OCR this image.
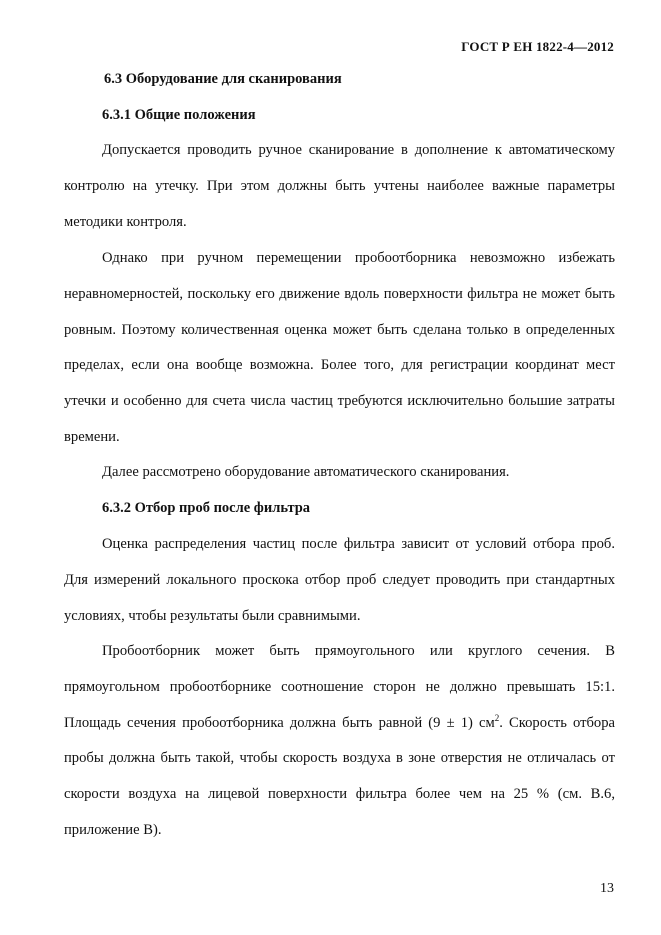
ГОСТ Р ЕН 1822-4—2012
6.3 Оборудование для сканирования
6.3.1 Общие положения

Допускается проводить ручное сканирование в дополнение к автоматическому контролю на утечку. При этом должны быть учтены наиболее важные параметры методики контроля.

Однако при ручном перемещении пробоотборника невозможно избежать неравномерностей, поскольку его движение вдоль поверхности фильтра не может быть ровным. Поэтому количественная оценка может быть сделана только в определенных пределах, если она вообще возможна. Более того, для регистрации координат мест утечки и особенно для счета числа частиц требуются исключительно большие затраты времени.

Далее рассмотрено оборудование автоматического сканирования.

6.3.2 Отбор проб после фильтра

Оценка распределения частиц после фильтра зависит от условий отбора проб. Для измерений локального проскока отбор проб следует проводить при стандартных условиях, чтобы результаты были сравнимыми.

Пробоотборник может быть прямоугольного или круглого сечения. В прямоугольном пробоотборнике соотношение сторон не должно превышать 15:1. Площадь сечения пробоотборника должна быть равной (9 ± 1) $см^2$. Скорость отбора пробы должна быть такой, чтобы скорость воздуха в зоне отверстия не отличалась от скорости воздуха на лицевой поверхности фильтра более чем на 25 % (см. В.6, приложение В).

13
